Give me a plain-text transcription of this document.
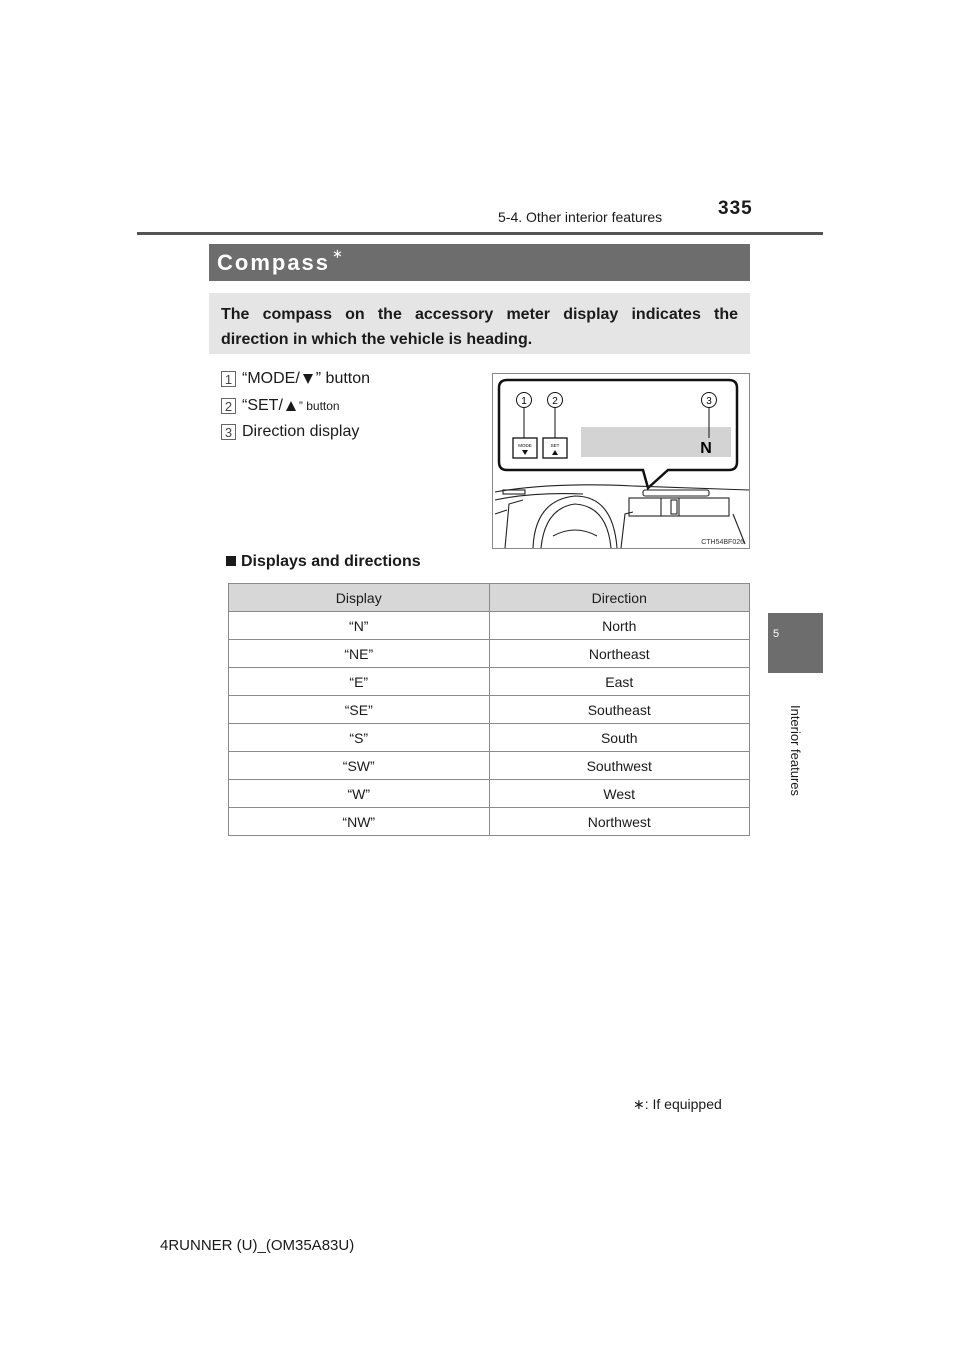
335
5-4. Other interior features
Compass ∗
The compass on the accessory meter display indicates the direction in which the vehicle is heading.
1 “MODE/ ” button
2 “SET/ ” button
3 Direction display
MODE	SET	N
1	2	3
CTH54BF026
Displays and directions
Display	Direction
“N”	North
“NE”	Northeast
“E”	East
“SE”	Southeast
“S”	South
“SW”	Southwest
“W”	West
“NW”	Northwest
∗: If equipped
4RUNNER (U)_(OM35A83U)
5
Interior features
